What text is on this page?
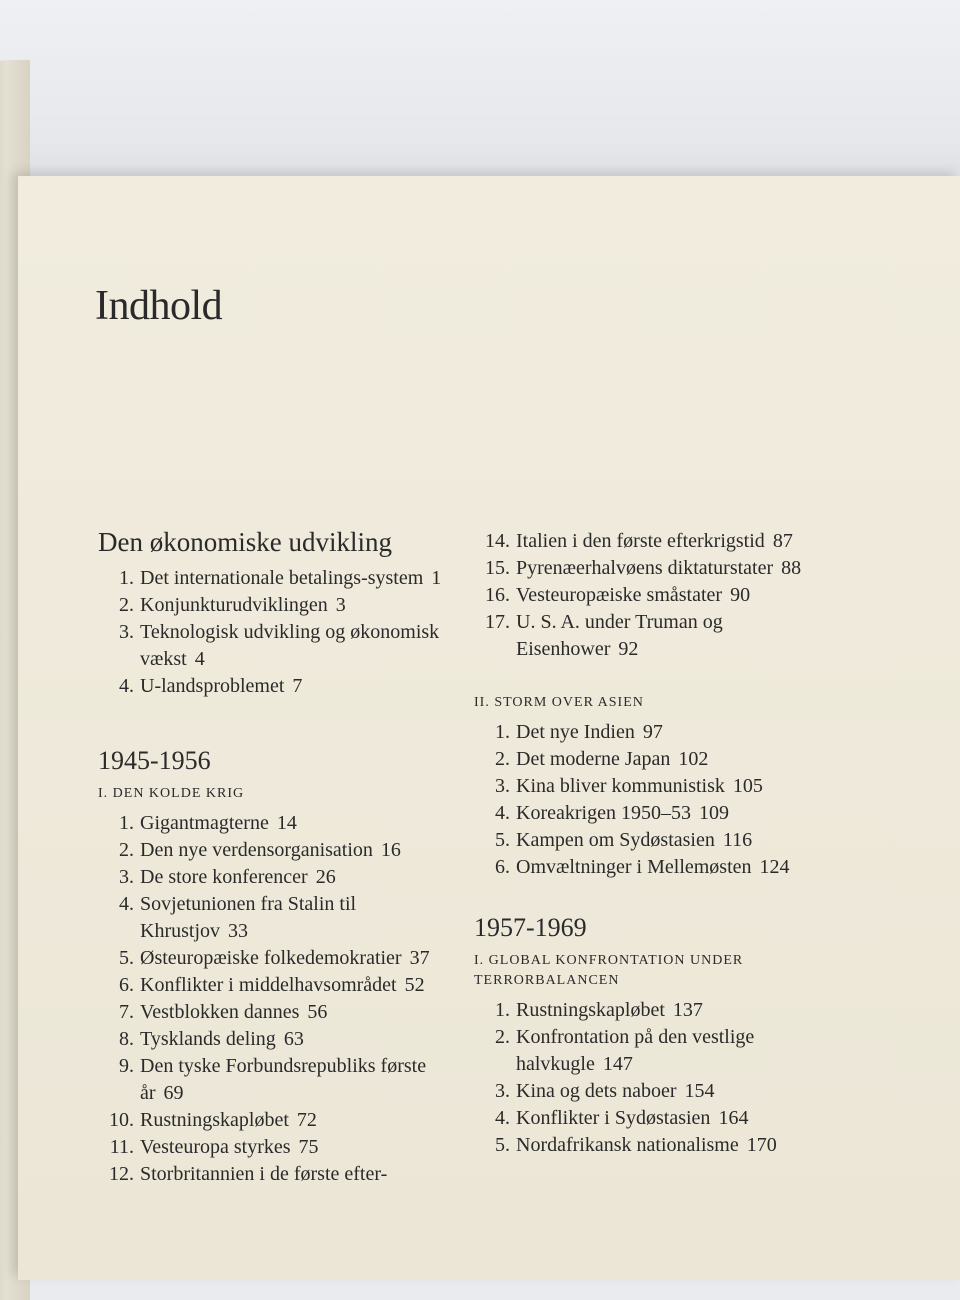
Indhold
Den økonomiske udvikling
1. Det internationale betalings-system 1
2. Konjunkturudviklingen 3
3. Teknologisk udvikling og økonomisk vækst 4
4. U-landsproblemet 7
1945-1956
I. DEN KOLDE KRIG
1. Gigantmagterne 14
2. Den nye verdensorganisation 16
3. De store konferencer 26
4. Sovjetunionen fra Stalin til Khrustjov 33
5. Østeuropæiske folkedemokratier 37
6. Konflikter i middelhavsområdet 52
7. Vestblokken dannes 56
8. Tysklands deling 63
9. Den tyske Forbundsrepubliks første år 69
10. Rustningskapløbet 72
11. Vesteuropa styrkes 75
12. Storbritannien i de første efter-
14. Italien i den første efterkrigstid 87
15. Pyrenæerhalvøens diktaturstater 88
16. Vesteuropæiske småstater 90
17. U. S. A. under Truman og Eisenhower 92
II. STORM OVER ASIEN
1. Det nye Indien 97
2. Det moderne Japan 102
3. Kina bliver kommunistisk 105
4. Koreakrigen 1950–53 109
5. Kampen om Sydøstasien 116
6. Omvæltninger i Mellemøsten 124
1957-1969
I. GLOBAL KONFRONTATION UNDER TERRORBALANCEN
1. Rustningskapløbet 137
2. Konfrontation på den vestlige halvkugle 147
3. Kina og dets naboer 154
4. Konflikter i Sydøstasien 164
5. Nordafrikansk nationalisme 170
